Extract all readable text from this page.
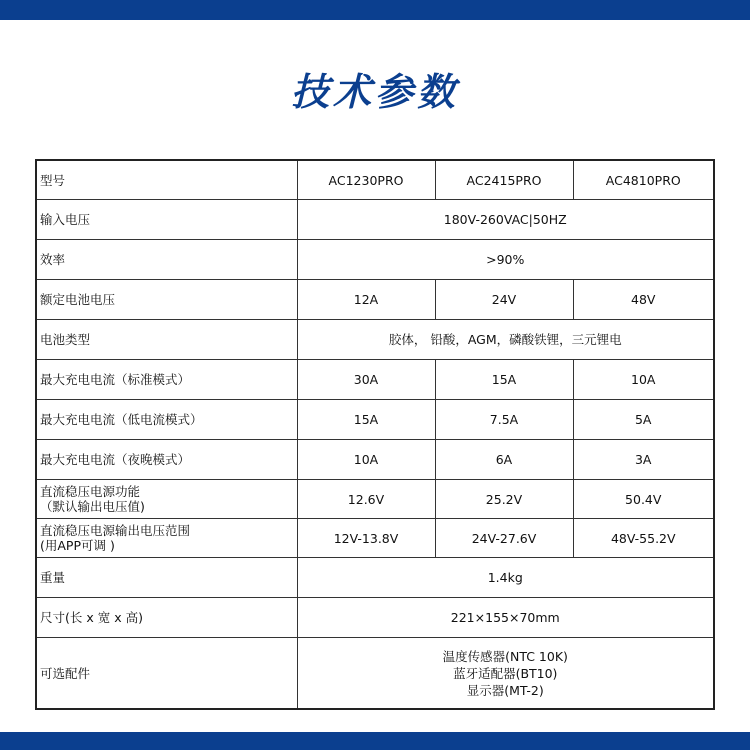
技术参数
型号	AC1230PRO	AC2415PRO	AC4810PRO
输入电压	180V-260VAC|50HZ		
效率	>90%		
额定电池电压	12A	24V	48V
电池类型	胶体， 铅酸，AGM，磷酸铁锂，三元锂电		
最大充电电流（标准模式）	30A	15A	10A
最大充电电流（低电流模式）	15A	7.5A	5A
最大充电电流（夜晚模式）	10A	6A	3A

直流稳压电源功能
（默认输出电压值)	12.6V	25.2V	50.4V

直流稳压电源输出电压范围
(用APP可调 )	12V-13.8V	24V-27.6V	48V-55.2V
重量	1.4kg		
尺寸(长 x 宽 x 高)	221×155×70mm		
可选配件	温度传感器(NTC 10K)
蓝牙适配器(BT10)
显示器(MT-2)		
